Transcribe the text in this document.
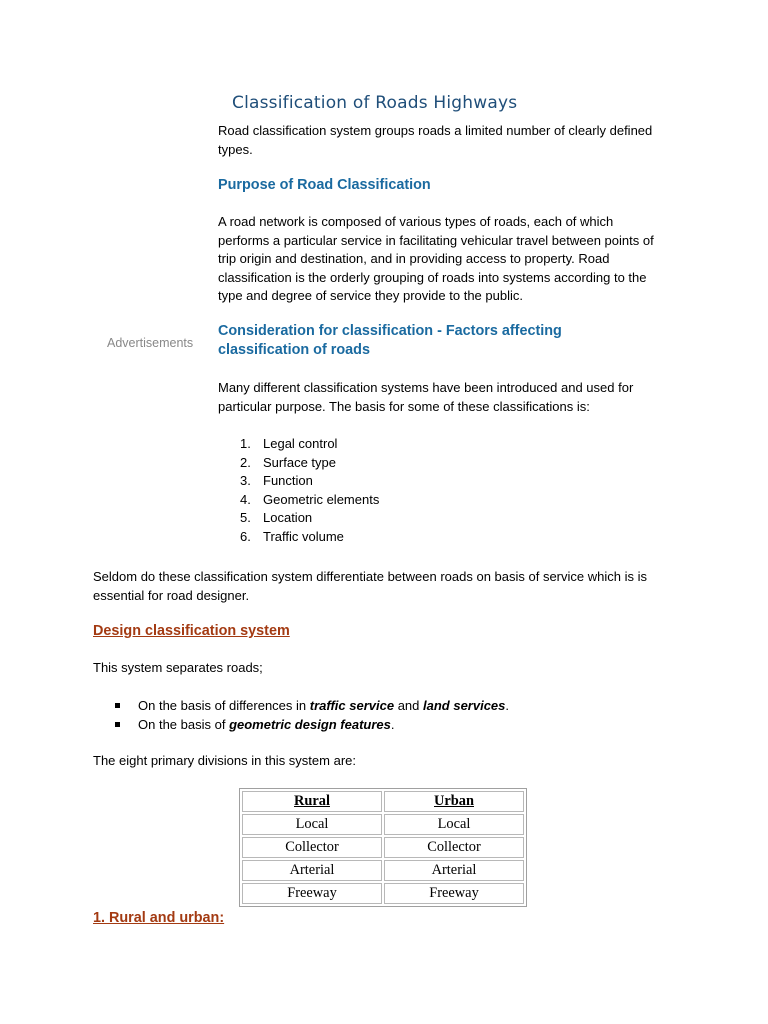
Classification of Roads Highways

Road classification system groups roads a limited number of clearly defined types.

Purpose of Road Classification

A road network is composed of various types of roads, each of which performs a particular service in facilitating vehicular travel between points of trip origin and destination, and in providing access to property. Road classification is the orderly grouping of roads into systems according to the type and degree of service they provide to the public.

Advertisements
Consideration for classification - Factors affecting classification of roads

Many different classification systems have been introduced and used for particular purpose. The basis for some of these classifications is:

1. Legal control
2. Surface type
3. Function
4. Geometric elements
5. Location
6. Traffic volume

Seldom do these classification system differentiate between roads on basis of service which is is essential for road designer.

Design classification system

This system separates roads;

On the basis of differences in traffic service and land services.
On the basis of geometric design features.

The eight primary divisions in this system are:

Rural	Urban
Local	Local
Collector	Collector
Arterial	Arterial
Freeway	Freeway
1. Rural and urban:
